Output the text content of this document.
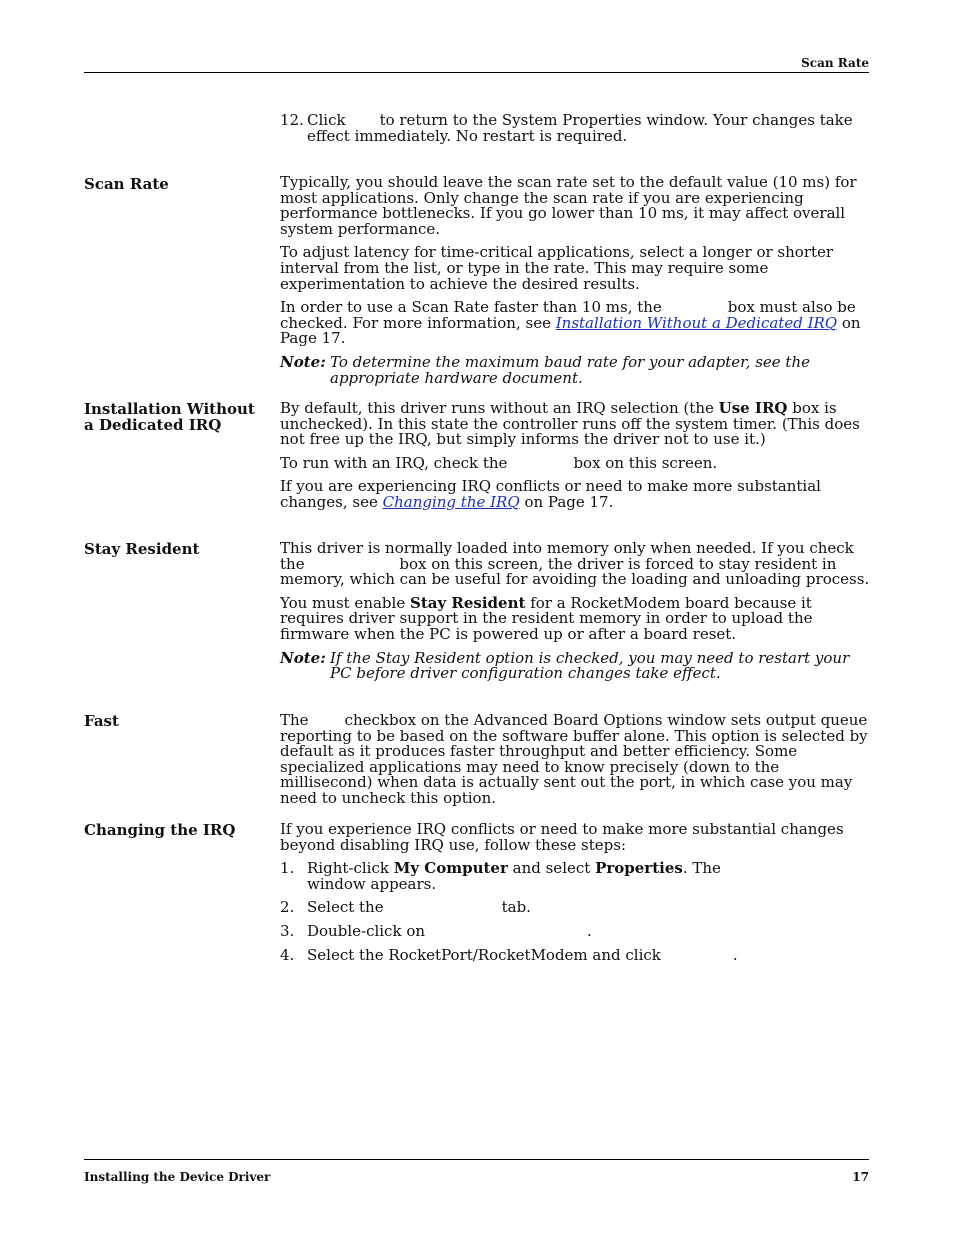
Scan Rate
12. Click to return to the System Properties window. Your changes take effect immediately. No restart is required.
Scan Rate	Typically, you should leave the scan rate set to the default value (10 ms) for most applications. Only change the scan rate if you are experiencing performance bottlenecks. If you go lower than 10 ms, it may affect overall system performance.

To adjust latency for time-critical applications, select a longer or shorter interval from the list, or type in the rate. This may require some experimentation to achieve the desired results.

In order to use a Scan Rate faster than 10 ms, the	box must also be checked. For more information, see Installation Without a Dedicated IRQ on Page 17.

Note: To determine the maximum baud rate for your adapter, see the appropriate hardware document.
Installation Without
a Dedicated IRQ

By default, this driver runs without an IRQ selection (the Use IRQ box is unchecked). In this state the controller runs off the system timer. (This does not free up the IRQ, but simply informs the driver not to use it.)

To run with an IRQ, check the	box on this screen.

If you are experiencing IRQ conflicts or need to make more substantial changes, see Changing the IRQ on Page 17.

Stay Resident	This driver is normally loaded into memory only when needed. If you check the	box on this screen, the driver is forced to stay resident in memory, which can be useful for avoiding the loading and unloading process.

You must enable Stay Resident for a RocketModem board because it requires driver support in the resident memory in order to upload the firmware when the PC is powered up or after a board reset.

Note: If the Stay Resident option is checked, you may need to restart your PC before driver configuration changes take effect.
Fast	The checkbox on the Advanced Board Options window sets output queue reporting to be based on the software buffer alone. This option is selected by default as it produces faster throughput and better efficiency. Some specialized applications may need to know precisely (down to the millisecond) when data is actually sent out the port, in which case you may need to uncheck this option.

Changing the IRQ	If you experience IRQ conflicts or need to make more substantial changes beyond disabling IRQ use, follow these steps:

1. Right-click My Computer and select Properties. The
window appears.
2. Select the	tab.
3. Double-click on	.
4. Select the RocketPort/RocketModem and click	.
Installing the Device Driver	17
